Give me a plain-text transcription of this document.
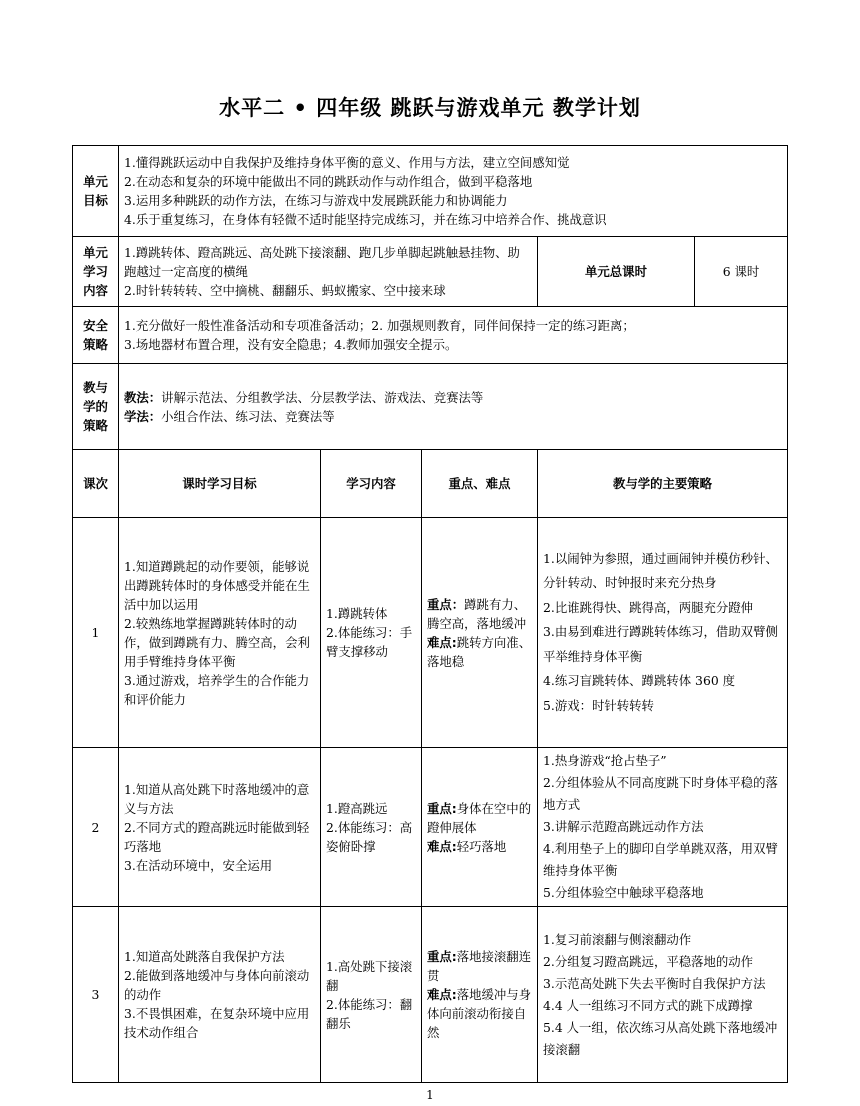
水平二 • 四年级 跳跃与游戏单元 教学计划
单元目标	1.懂得跳跃运动中自我保护及维持身体平衡的意义、作用与方法，建立空间感知觉
2.在动态和复杂的环境中能做出不同的跳跃动作与动作组合，做到平稳落地
3.运用多种跳跃的动作方法，在练习与游戏中发展跳跃能力和协调能力
4.乐于重复练习，在身体有轻微不适时能坚持完成练习，并在练习中培养合作、挑战意识				

单元学习内容	1.蹲跳转体、蹬高跳远、高处跳下接滚翻、跑几步单脚起跳触悬挂物、助跑越过一定高度的横绳
2.时针转转转、空中摘桃、翻翻乐、蚂蚁搬家、空中接来球			单元总课时	6 课时
安全策略	1.充分做好一般性准备活动和专项准备活动；2. 加强规则教育，同伴间保持一定的练习距离；
3.场地器材布置合理，没有安全隐患；4.教师加强安全提示。				

教与学的策略	教法：讲解示范法、分组教学法、分层教学法、游戏法、竞赛法等
学法：小组合作法、练习法、竞赛法等				

课次	课时学习目标	学习内容	重点、难点	教与学的主要策略	
1	1.知道蹲跳起的动作要领，能够说出蹲跳转体时的身体感受并能在生活中加以运用
2.较熟练地掌握蹲跳转体时的动作，做到蹲跳有力、腾空高，会利用手臂维持身体平衡
3.通过游戏，培养学生的合作能力和评价能力	1.蹲跳转体
2.体能练习：手臂支撑移动	重点：蹲跳有力、腾空高，落地缓冲
难点:跳转方向准、落地稳	1.以闹钟为参照，通过画闹钟并模仿秒针、分针转动、时钟报时来充分热身
2.比谁跳得快、跳得高，两腿充分蹬伸
3.由易到难进行蹲跳转体练习，借助双臂侧平举维持身体平衡
4.练习盲跳转体、蹲跳转体 360 度
5.游戏：时针转转转	

2	1.知道从高处跳下时落地缓冲的意义与方法
2.不同方式的蹬高跳远时能做到轻巧落地
3.在活动环境中，安全运用	1.蹬高跳远
2.体能练习：高姿俯卧撑	重点:身体在空中的蹬伸展体
难点:轻巧落地	1.热身游戏“抢占垫子”
2.分组体验从不同高度跳下时身体平稳的落地方式
3.讲解示范蹬高跳远动作方法
4.利用垫子上的脚印自学单跳双落，用双臂维持身体平衡
5.分组体验空中触球平稳落地	

3	1.知道高处跳落自我保护方法
2.能做到落地缓冲与身体向前滚动的动作
3.不畏惧困难，在复杂环境中应用技术动作组合	1.高处跳下接滚翻
2.体能练习：翻翻乐	重点:落地接滚翻连贯
难点:落地缓冲与身体向前滚动衔接自然	1.复习前滚翻与侧滚翻动作
2.分组复习蹬高跳远，平稳落地的动作
3.示范高处跳下失去平衡时自我保护方法
4.4 人一组练习不同方式的跳下成蹲撑
5.4 人一组，依次练习从高处跳下落地缓冲接滚翻	
1
